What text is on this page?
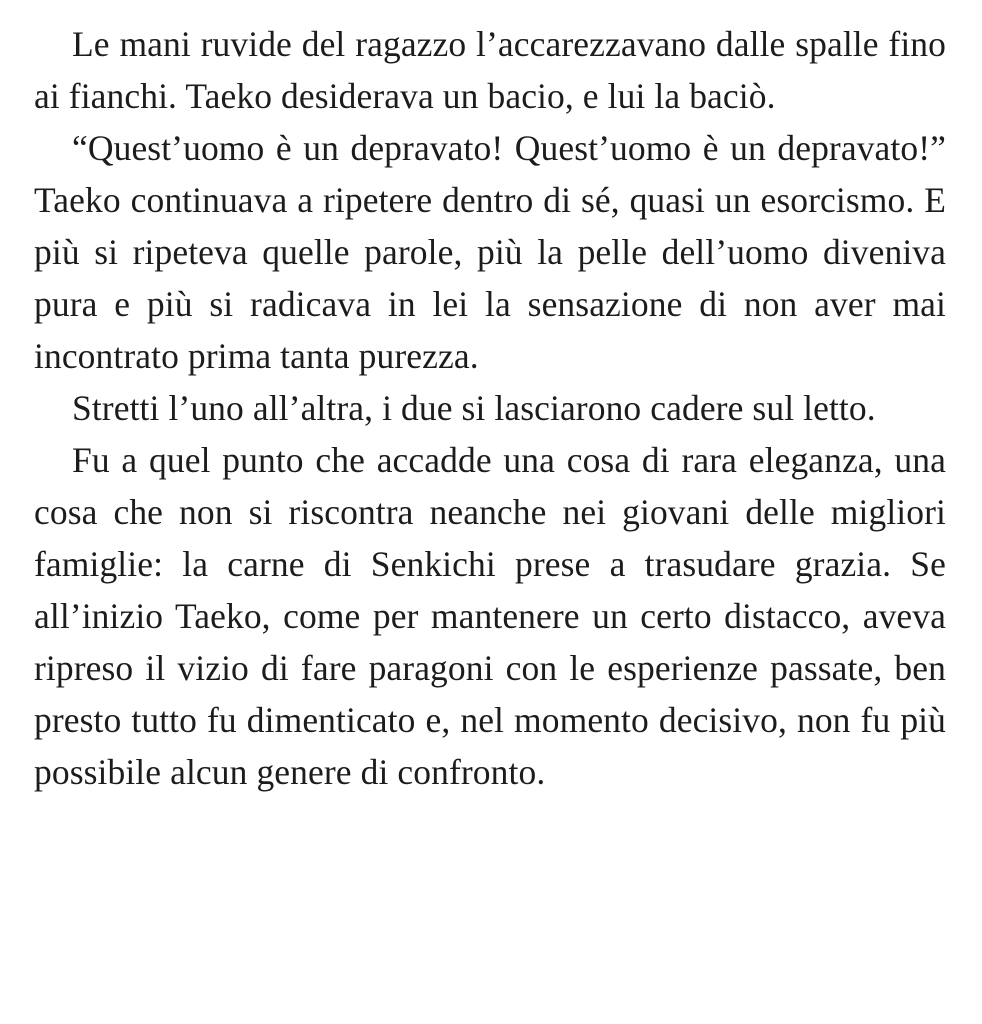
Le mani ruvide del ragazzo l’accarezzavano dalle spalle fino ai fianchi. Taeko desiderava un bacio, e lui la baciò.

“Quest’uomo è un depravato! Quest’uomo è un depravato!” Taeko continuava a ripetere dentro di sé, quasi un esorcismo. E più si ripeteva quelle parole, più la pelle dell’uomo diveniva pura e più si radicava in lei la sensazione di non aver mai incontrato prima tanta purezza.

Stretti l’uno all’altra, i due si lasciarono cadere sul letto.

Fu a quel punto che accadde una cosa di rara eleganza, una cosa che non si riscontra neanche nei giovani delle migliori famiglie: la carne di Senkichi prese a trasudare grazia. Se all’inizio Taeko, come per mantenere un certo distacco, aveva ripreso il vizio di fare paragoni con le esperienze passate, ben presto tutto fu dimenticato e, nel momento decisivo, non fu più possibile alcun genere di confronto.
